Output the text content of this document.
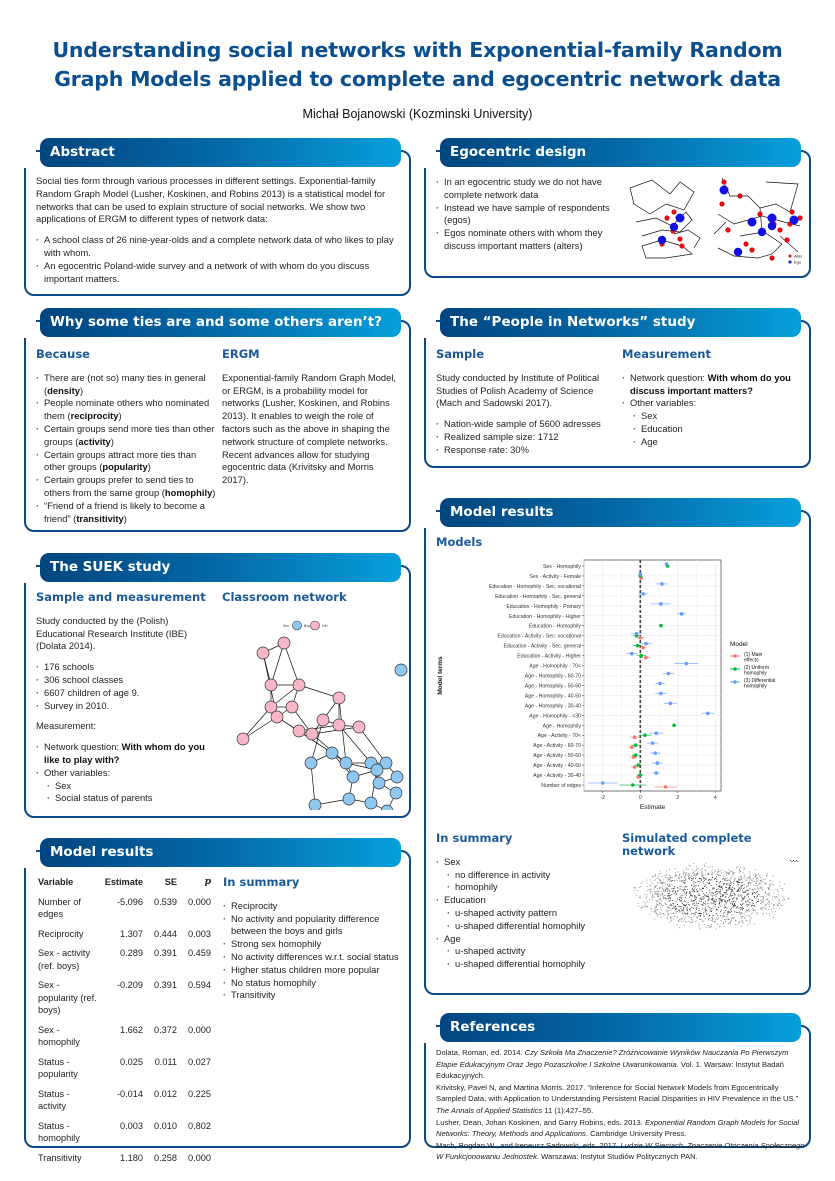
Understanding social networks with Exponential-family Random
Graph Models applied to complete and egocentric network data
Michał Bojanowski (Kozminski University)
Abstract

Social ties form through various processes in different settings. Exponential-family Random Graph Model (Lusher, Koskinen, and Robins 2013) is a statistical model for networks that can be used to explain structure of social networks. We show two applications of ERGM to different types of network data:

· A school class of 26 nine-year-olds and a complete network data of who likes to play with whom.
· An egocentric Poland-wide survey and a network of with whom do you discuss important matters.
Egocentric design
· In an egocentric study we do not have complete network data
· Instead we have sample of respondents (egos)
· Egos nominate others with whom they discuss important matters (alters)
Alter
Ego
Why some ties are and some others aren’t?
Because
· There are (not so) many ties in general (density)
· People nominate others who nominated them (reciprocity)
· Certain groups send more ties than other groups (activity)
· Certain groups attract more ties than other groups (popularity)
· Certain groups prefer to send ties to others from the same group (homophily)
· “Friend of a friend is likely to become a friend” (transitivity)
ERGM

Exponential-family Random Graph Model, or ERGM, is a probability model for networks (Lusher, Koskinen, and Robins 2013). It enables to weigh the role of factors such as the above in shaping the network structure of complete networks. Recent advances allow for studying egocentric data (Krivitsky and Morris 2017).

The “People in Networks” study
Sample

Study conducted by Institute of Political Studies of Polish Academy of Science (Mach and Sadowski 2017).

· Nation-wide sample of 5600 adresses
· Realized sample size: 1712
· Response rate: 30%
Measurement
· Network question: With whom do you discuss important matters?
· Other variables:
· Sex
· Education
· Age
The SUEK study
Sample and measurement

Study conducted by the (Polish) Educational Research Institute (IBE) (Dolata 2014).

· 176 schools
· 306 school classes
· 6607 children of age 9.
· Survey in 2010.

Measurement:

· Network question: With whom do you like to play with?
· Other variables:
· Sex
· Social status of parents
Classroom network
Sex	Boy	Girl
Model results
Variable	Estimate	SE	p
Number of edges	-5.096	0.539	0.000
Reciprocity	1.307	0.444	0.003
Sex - activity (ref. boys)	0.289	0.391	0.459
Sex - popularity (ref. boys)	-0.209	0.391	0.594
Sex - homophily	1.662	0.372	0.000
Status - popularity	0.025	0.011	0.027
Status - activity	-0.014	0.012	0.225
Status - homophily	0.003	0.010	0.802
Transitivity	1.180	0.258	0.000
In summary
· Reciprocity
· No activity and popularity difference between the boys and girls
· Strong sex homophily
· No activity differences w.r.t. social status
· Higher status children more popular
· No status homophily
· Transitivity
Model results
Models
Sex - Homophily
Sex - Activity - Female
Education - Homophily - Sec. vocational
Education - Homophily - Sec. general
Education - Homophily - Primary
Education - Homophily - Higher
Education - Homophily
Education - Activity - Sec. vocational
Education - Activity - Sec. general
Education - Activity - Higher
Age - Homophily - 70<
Age - Homophily - 60-70
Age - Homophily - 50-60
Age - Homophily - 40-50
Age - Homophily - 30-40
Age - Homophily - <30
Age - Homophily
Age - Activity - 70<
Age - Activity - 60-70
Age - Activity - 50-60
Age - Activity - 40-50
Age - Activity - 30-40
Number of edges
-2	0	2	4
Estimate
Model terms
Model
(1) Main
effects
(2) Uniform
homophily
(3) Differential
homophily
In summary
· Sex
· no difference in activity
· homophily
· Education
· u-shaped activity pattern
· u-shaped differential homophily
· Age
· u-shaped activity
· u-shaped differential homophily
Simulated complete network
References

Dolata, Roman, ed. 2014. Czy Szkoła Ma Znaczenie? Zróżnicowanie Wyników Nauczania Po Pierwszym Etapie Edukacyjnym Oraz Jego Pozaszkolne I Szkolne Uwarunkowania. Vol. 1. Warsaw: Instytut Badań Edukacyjnych.

Krivitsky, Pavel N, and Martina Morris. 2017. “Inference for Social Network Models from Egocentrically Sampled Data, with Application to Understanding Persistent Racial Disparities in HIV Prevalence in the US.” The Annals of Applied Statistics 11 (1):427–55.

Lusher, Dean, Johan Koskinen, and Garry Robins, eds. 2013. Exponential Random Graph Models for Social Networks: Theory, Methods and Applications. Cambridge University Press.

Mach, Bogdan W., and Ireneusz Sadowski, eds. 2017. Ludzie W Sieciach. Znaczenie Otoczenia Społecznego W Funkcjonowaniu Jednostek. Warszawa: Instytut Studiów Politycznych PAN.
